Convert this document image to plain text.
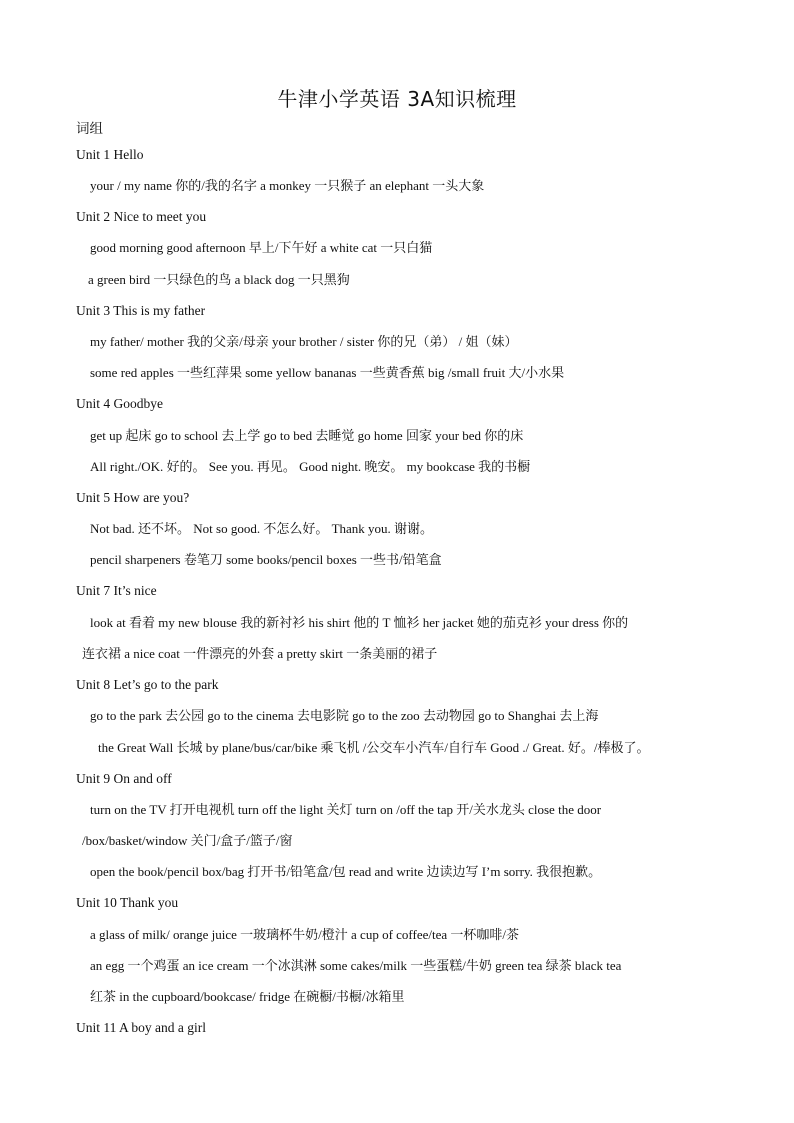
牛津小学英语 3A知识梳理
词组
Unit 1 Hello
your / my name 你的/我的名字 a monkey 一只猴子 an elephant 一头大象
Unit 2 Nice to meet you
good morning good afternoon 早上/下午好 a white cat 一只白猫
a green bird 一只绿色的鸟 a black dog 一只黑狗
Unit 3 This is my father
my father/ mother 我的父亲/母亲 your brother / sister 你的兄（弟） / 姐（妹）
some red apples 一些红萍果 some yellow bananas 一些黄香蕉 big /small fruit 大/小水果
Unit 4 Goodbye
get up 起床 go to school 去上学 go to bed 去睡觉 go home 回家 your bed 你的床
All right./OK. 好的。 See you. 再见。 Good night. 晚安。 my bookcase 我的书橱
Unit 5 How are you?
Not bad. 还不坏。 Not so good. 不怎么好。 Thank you. 谢谢。
pencil sharpeners 卷笔刀 some books/pencil boxes 一些书/铅笔盒
Unit 7 It’s nice
look at 看着 my new blouse 我的新衬衫 his shirt 他的 T 恤衫 her jacket 她的茄克衫 your dress 你的
连衣裙 a nice coat 一件漂亮的外套 a pretty skirt 一条美丽的裙子
Unit 8 Let’s go to the park
go to the park 去公园 go to the cinema 去电影院 go to the zoo 去动物园 go to Shanghai 去上海
the Great Wall 长城 by plane/bus/car/bike 乘飞机 /公交车小汽车/自行车 Good ./ Great. 好。/棒极了。
Unit 9 On and off
turn on the TV 打开电视机 turn off the light 关灯 turn on /off the tap 开/关水龙头 close the door
/box/basket/window 关门/盒子/篮子/窗
open the book/pencil box/bag 打开书/铅笔盒/包 read and write 边读边写 I’m sorry. 我很抱歉。
Unit 10 Thank you
a glass of milk/ orange juice 一玻璃杯牛奶/橙汁 a cup of coffee/tea 一杯咖啡/茶
an egg 一个鸡蛋 an ice cream 一个冰淇淋 some cakes/milk 一些蛋糕/牛奶 green tea 绿茶 black tea
红茶 in the cupboard/bookcase/ fridge 在碗橱/书橱/冰箱里
Unit 11 A boy and a girl
